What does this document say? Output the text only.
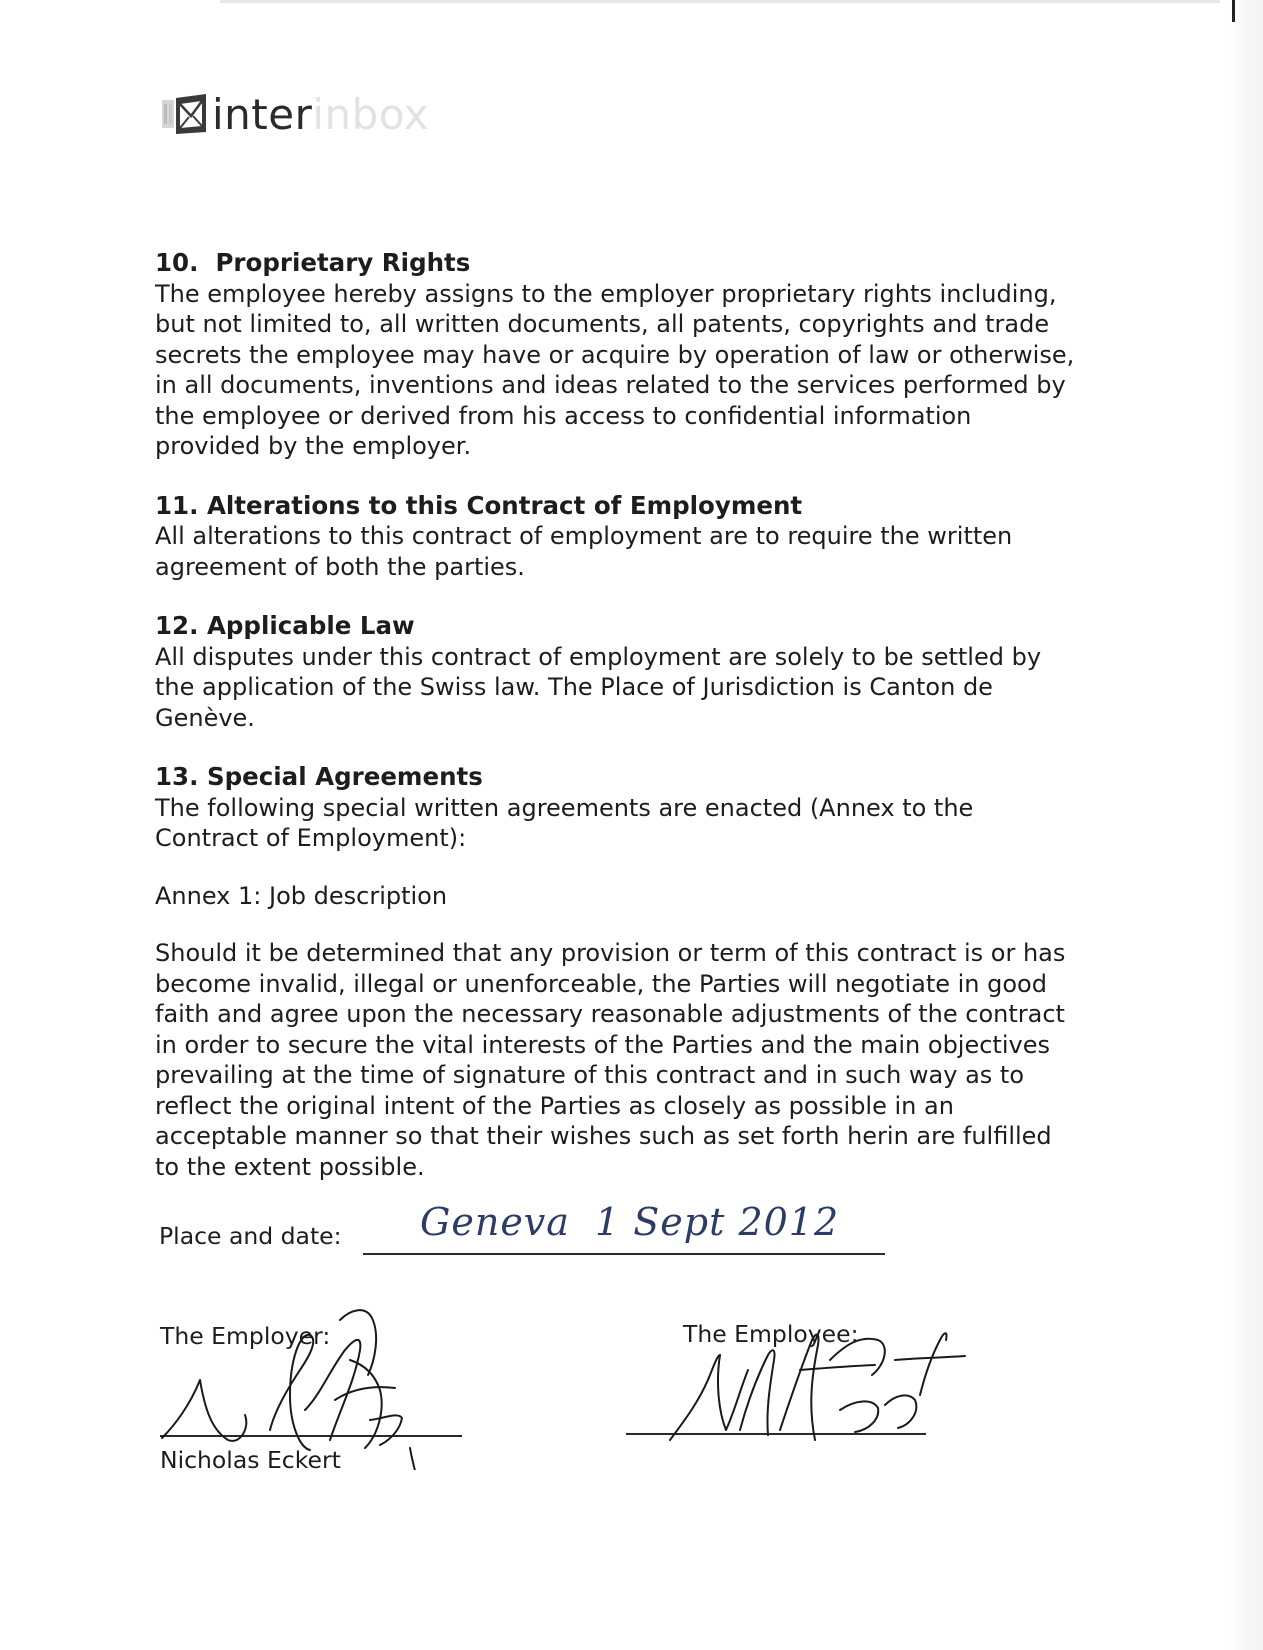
interinbox

10. Proprietary Rights

The employee hereby assigns to the employer proprietary rights including, but not limited to, all written documents, all patents, copyrights and trade secrets the employee may have or acquire by operation of law or otherwise, in all documents, inventions and ideas related to the services performed by the employee or derived from his access to confidential information provided by the employer.

11. Alterations to this Contract of Employment

All alterations to this contract of employment are to require the written agreement of both the parties.

12. Applicable Law

All disputes under this contract of employment are solely to be settled by the application of the Swiss law. The Place of Jurisdiction is Canton de Genève.

13. Special Agreements

The following special written agreements are enacted (Annex to the Contract of Employment):

Annex 1: Job description

Should it be determined that any provision or term of this contract is or has become invalid, illegal or unenforceable, the Parties will negotiate in good faith and agree upon the necessary reasonable adjustments of the contract in order to secure the vital interests of the Parties and the main objectives prevailing at the time of signature of this contract and in such way as to reflect the original intent of the Parties as closely as possible in an acceptable manner so that their wishes such as set forth herin are fulfilled to the extent possible.

Place and date: Geneva 1 Sept 2012
The Employer:
Nicholas Eckert
The Employee:
